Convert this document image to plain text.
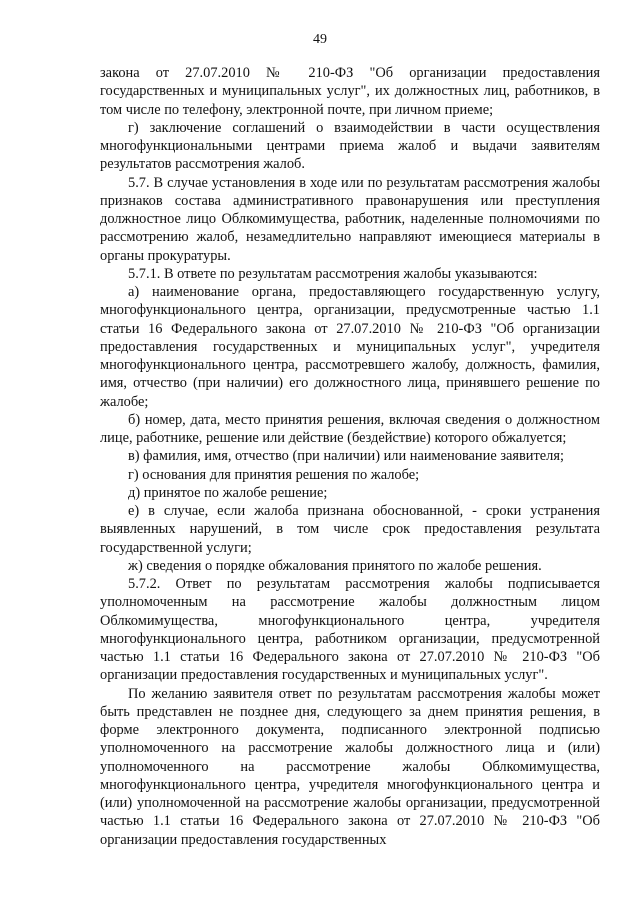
49

закона от 27.07.2010 № 210-ФЗ "Об организации предоставления государственных и муниципальных услуг", их должностных лиц, работников, в том числе по телефону, электронной почте, при личном приеме;

г) заключение соглашений о взаимодействии в части осуществления многофункциональными центрами приема жалоб и выдачи заявителям результатов рассмотрения жалоб.

5.7. В случае установления в ходе или по результатам рассмотрения жалобы признаков состава административного правонарушения или преступления должностное лицо Облкомимущества, работник, наделенные полномочиями по рассмотрению жалоб, незамедлительно направляют имеющиеся материалы в органы прокуратуры.

5.7.1. В ответе по результатам рассмотрения жалобы указываются:

а) наименование органа, предоставляющего государственную услугу, многофункционального центра, организации, предусмотренные частью 1.1 статьи 16 Федерального закона от 27.07.2010 № 210-ФЗ "Об организации предоставления государственных и муниципальных услуг", учредителя многофункционального центра, рассмотревшего жалобу, должность, фамилия, имя, отчество (при наличии) его должностного лица, принявшего решение по жалобе;

б) номер, дата, место принятия решения, включая сведения о должностном лице, работнике, решение или действие (бездействие) которого обжалуется;

в) фамилия, имя, отчество (при наличии) или наименование заявителя;

г) основания для принятия решения по жалобе;

д) принятое по жалобе решение;

е) в случае, если жалоба признана обоснованной, - сроки устранения выявленных нарушений, в том числе срок предоставления результата государственной услуги;

ж) сведения о порядке обжалования принятого по жалобе решения.

5.7.2. Ответ по результатам рассмотрения жалобы подписывается уполномоченным на рассмотрение жалобы должностным лицом Облкомимущества, многофункционального центра, учредителя многофункционального центра, работником организации, предусмотренной частью 1.1 статьи 16 Федерального закона от 27.07.2010 № 210-ФЗ "Об организации предоставления государственных и муниципальных услуг".

По желанию заявителя ответ по результатам рассмотрения жалобы может быть представлен не позднее дня, следующего за днем принятия решения, в форме электронного документа, подписанного электронной подписью уполномоченного на рассмотрение жалобы должностного лица и (или) уполномоченного на рассмотрение жалобы Облкомимущества, многофункционального центра, учредителя многофункционального центра и (или) уполномоченной на рассмотрение жалобы организации, предусмотренной частью 1.1 статьи 16 Федерального закона от 27.07.2010 № 210-ФЗ "Об организации предоставления государственных
